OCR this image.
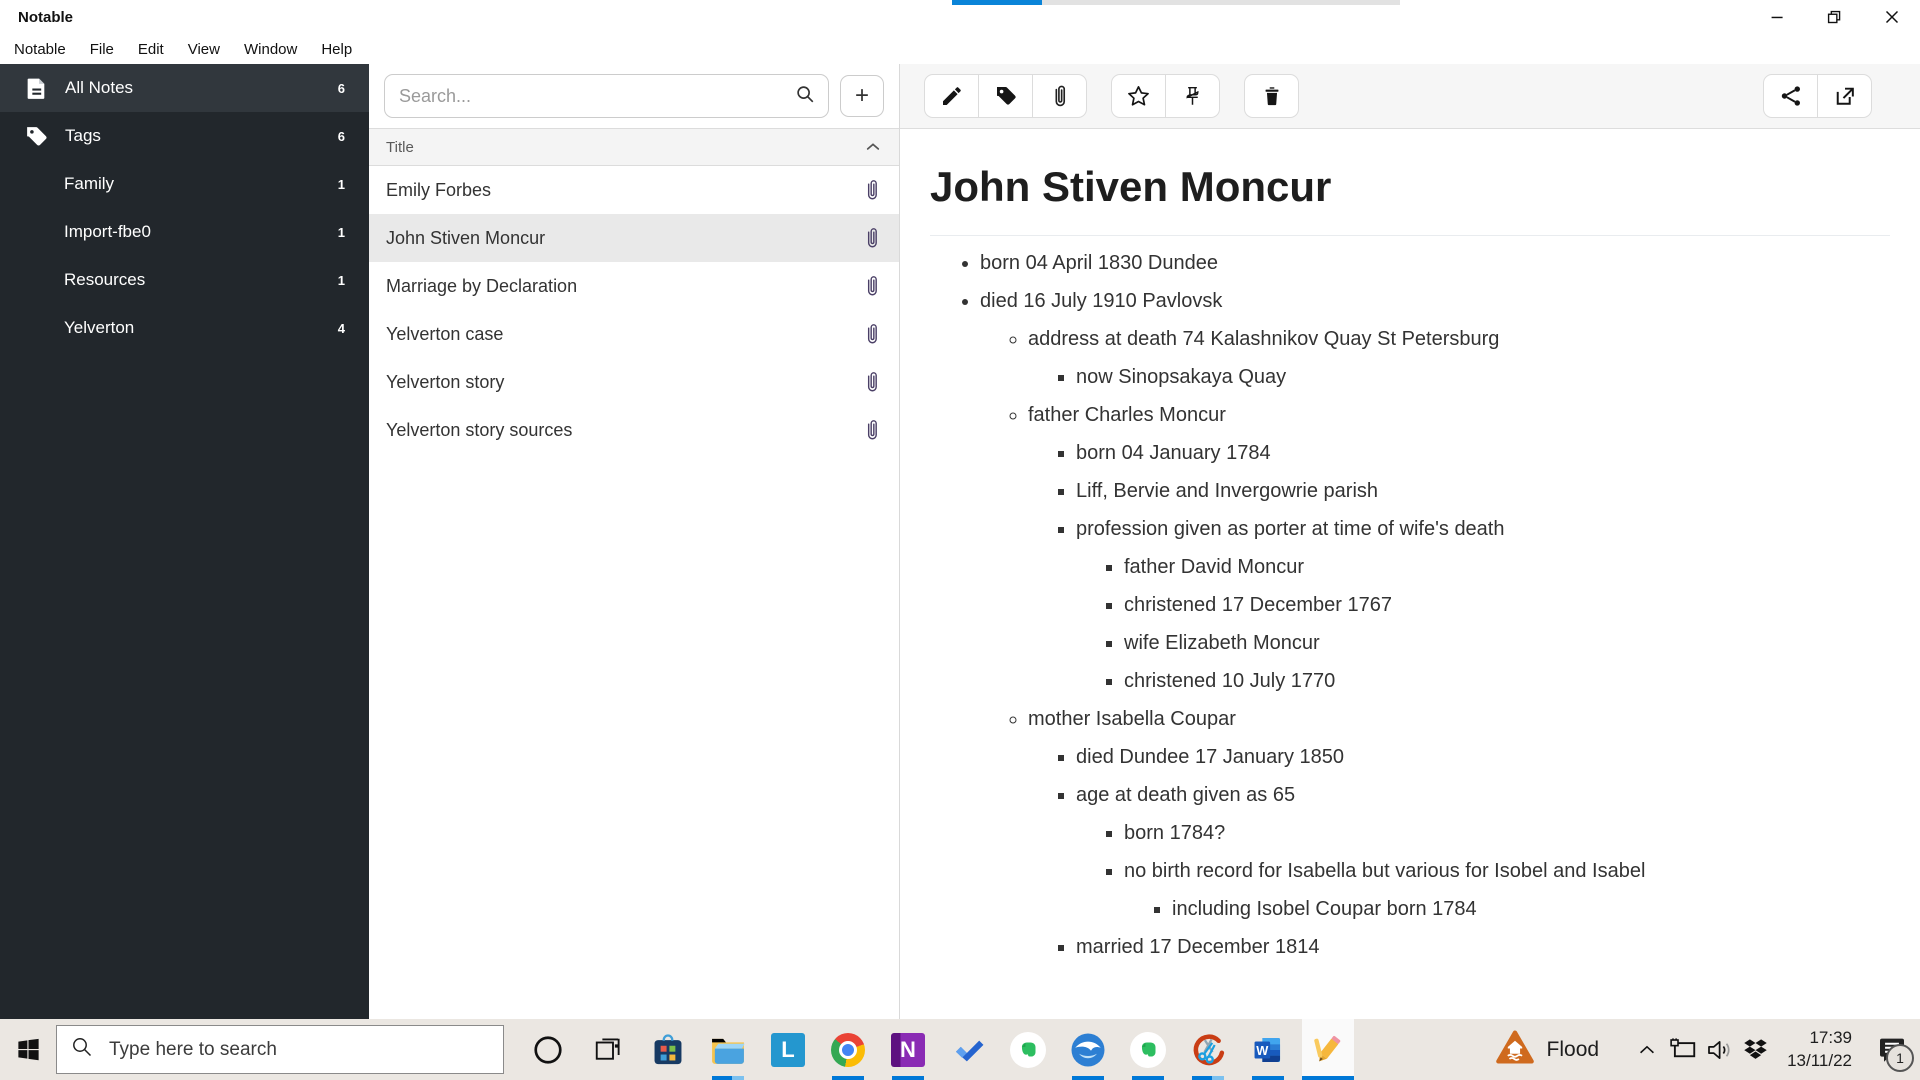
Notable
Notable	File	Edit	View	Window	Help
All Notes	6
Tags	6
Family	1
Import-fbe0	1
Resources	1
Yelverton	4
Search...
+
Title
Emily Forbes
John Stiven Moncur
Marriage by Declaration
Yelverton case
Yelverton story
Yelverton story sources
John Stiven Moncur
• born 04 April 1830 Dundee
• died 16 July 1910 Pavlovsk
◦ address at death 74 Kalashnikov Quay St Petersburg
▪ now Sinopsakaya Quay
◦ father Charles Moncur
▪ born 04 January 1784
▪ Liff, Bervie and Invergowrie parish
▪ profession given as porter at time of wife's death
▪ father David Moncur
▪ christened 17 December 1767
▪ wife Elizabeth Moncur
▪ christened 10 July 1770
◦ mother Isabella Coupar
▪ died Dundee 17 January 1850
▪ age at death given as 65
▪ born 1784?
▪ no birth record for Isabella but various for Isobel and Isabel
▪ including Isobel Coupar born 1784
▪ married 17 December 1814
Type here to search
L	N	W	Flood	17:39
13/11/22	1
